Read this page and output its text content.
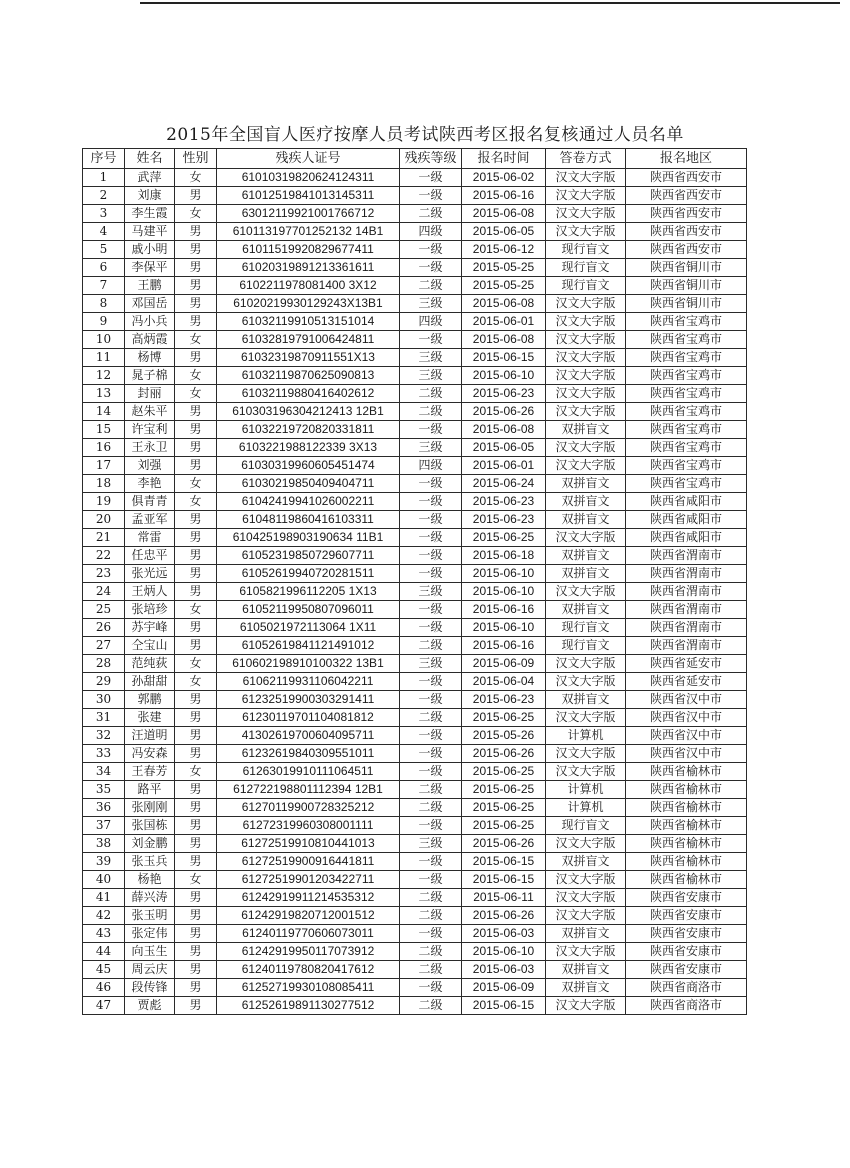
2015年全国盲人医疗按摩人员考试陕西考区报名复核通过人员名单
序号	姓名	性别	残疾人证号	残疾等级	报名时间	答卷方式	报名地区
1	武萍	女	61010319820624124311	一级	2015-06-02	汉文大字版	陕西省西安市
2	刘康	男	61012519841013145311	一级	2015-06-16	汉文大字版	陕西省西安市
3	李生霞	女	63012119921001766712	二级	2015-06-08	汉文大字版	陕西省西安市
4	马建平	男	610113197701252132 14B1	四级	2015-06-05	汉文大字版	陕西省西安市
5	戚小明	男	61011519920829677411	一级	2015-06-12	现行盲文	陕西省西安市
6	李保平	男	61020319891213361611	一级	2015-05-25	现行盲文	陕西省铜川市
7	王鹏	男	6102211978081400 3X12	二级	2015-05-25	现行盲文	陕西省铜川市
8	邓国岳	男	61020219930129243X13B1	三级	2015-06-08	汉文大字版	陕西省铜川市
9	冯小兵	男	61032119910513151014	四级	2015-06-01	汉文大字版	陕西省宝鸡市
10	高炳霞	女	61032819791006424811	一级	2015-06-08	汉文大字版	陕西省宝鸡市
11	杨博	男	61032319870911551X13	三级	2015-06-15	汉文大字版	陕西省宝鸡市
12	晁子棉	女	61032119870625090813	三级	2015-06-10	汉文大字版	陕西省宝鸡市
13	封丽	女	61032119880416402612	二级	2015-06-23	汉文大字版	陕西省宝鸡市
14	赵朱平	男	610303196304212413 12B1	二级	2015-06-26	汉文大字版	陕西省宝鸡市
15	许宝利	男	61032219720820331811	一级	2015-06-08	双拼盲文	陕西省宝鸡市
16	王永卫	男	6103221988122339 3X13	三级	2015-06-05	汉文大字版	陕西省宝鸡市
17	刘强	男	61030319960605451474	四级	2015-06-01	汉文大字版	陕西省宝鸡市
18	李艳	女	61030219850409404711	一级	2015-06-24	双拼盲文	陕西省宝鸡市
19	俱青青	女	61042419941026002211	一级	2015-06-23	双拼盲文	陕西省咸阳市
20	孟亚军	男	61048119860416103311	一级	2015-06-23	双拼盲文	陕西省咸阳市
21	常雷	男	610425198903190634 11B1	一级	2015-06-25	汉文大字版	陕西省咸阳市
22	任忠平	男	61052319850729607711	一级	2015-06-18	双拼盲文	陕西省渭南市
23	张光远	男	61052619940720281511	一级	2015-06-10	双拼盲文	陕西省渭南市
24	王炳人	男	6105821996112205 1X13	三级	2015-06-10	汉文大字版	陕西省渭南市
25	张培珍	女	61052119950807096011	一级	2015-06-16	双拼盲文	陕西省渭南市
26	苏宇峰	男	6105021972113064 1X11	一级	2015-06-10	现行盲文	陕西省渭南市
27	仝宝山	男	61052619841121491012	二级	2015-06-16	现行盲文	陕西省渭南市
28	范纯荻	女	610602198910100322 13B1	三级	2015-06-09	汉文大字版	陕西省延安市
29	孙甜甜	女	61062119931106042211	一级	2015-06-04	汉文大字版	陕西省延安市
30	郭鹏	男	61232519900303291411	一级	2015-06-23	双拼盲文	陕西省汉中市
31	张建	男	61230119701104081812	二级	2015-06-25	汉文大字版	陕西省汉中市
32	汪道明	男	41302619700604095711	一级	2015-05-26	计算机	陕西省汉中市
33	冯安森	男	61232619840309551011	一级	2015-06-26	汉文大字版	陕西省汉中市
34	王春芳	女	61263019910111064511	一级	2015-06-25	汉文大字版	陕西省榆林市
35	路平	男	612722198801112394 12B1	二级	2015-06-25	计算机	陕西省榆林市
36	张刚刚	男	61270119900728325212	二级	2015-06-25	计算机	陕西省榆林市
37	张国栋	男	61272319960308001111	一级	2015-06-25	现行盲文	陕西省榆林市
38	刘金鹏	男	61272519910810441013	三级	2015-06-26	汉文大字版	陕西省榆林市
39	张玉兵	男	61272519900916441811	一级	2015-06-15	双拼盲文	陕西省榆林市
40	杨艳	女	61272519901203422711	一级	2015-06-15	汉文大字版	陕西省榆林市
41	薛兴涛	男	61242919911214535312	二级	2015-06-11	汉文大字版	陕西省安康市
42	张玉明	男	61242919820712001512	二级	2015-06-26	汉文大字版	陕西省安康市
43	张定伟	男	61240119770606073011	一级	2015-06-03	双拼盲文	陕西省安康市
44	向玉生	男	61242919950117073912	二级	2015-06-10	汉文大字版	陕西省安康市
45	周云庆	男	61240119780820417612	二级	2015-06-03	双拼盲文	陕西省安康市
46	段传锋	男	61252719930108085411	一级	2015-06-09	双拼盲文	陕西省商洛市
47	贾彪	男	61252619891130277512	二级	2015-06-15	汉文大字版	陕西省商洛市
